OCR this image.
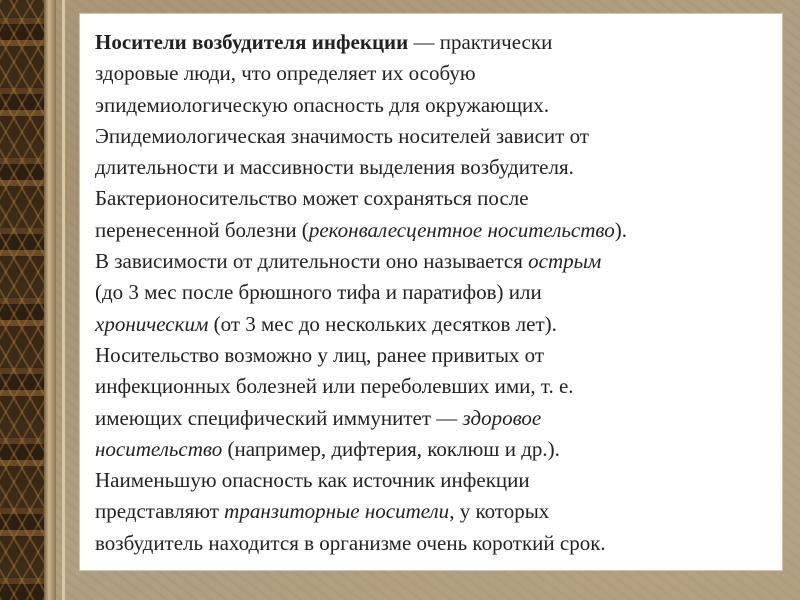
Носители возбудителя инфекции — практически
здоровые люди, что определяет их особую
эпидемиологическую опасность для окружающих.
Эпидемиологическая значимость носителей зависит от
длительности и массивности выделения возбудителя.
Бактерионосительство может сохраняться после
перенесенной болезни (реконвалесцентное носительство).
В зависимости от длительности оно называется острым
(до 3 мес после брюшного тифа и паратифов) или
хроническим (от 3 мес до нескольких десятков лет).
Носительство возможно у лиц, ранее привитых от
инфекционных болезней или переболевших ими, т. е.
имеющих специфический иммунитет — здоровое
носительство (например, дифтерия, коклюш и др.).
Наименьшую опасность как источник инфекции
представляют транзиторные носители, у которых
возбудитель находится в организме очень короткий срок.
